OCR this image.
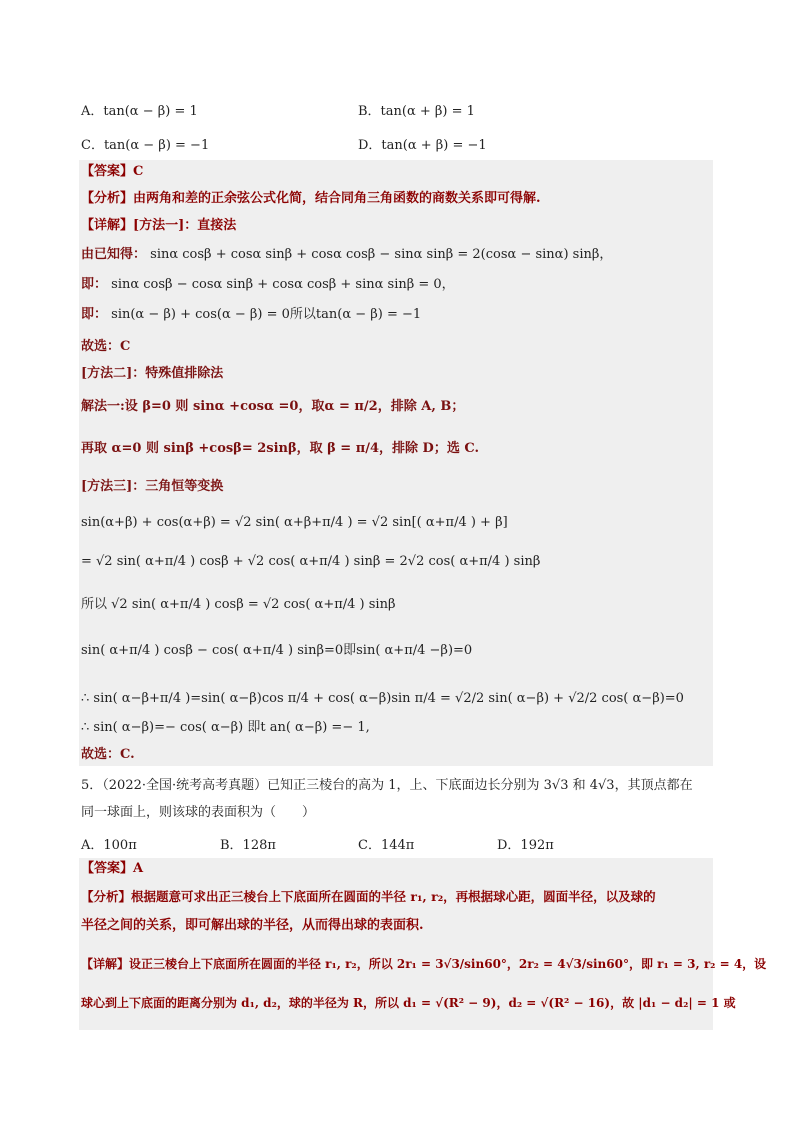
A．tan(α − β) = 1	B．tan(α + β) = 1
C．tan(α − β) = −1	D．tan(α + β) = −1
【答案】C
【分析】由两角和差的正余弦公式化简，结合同角三角函数的商数关系即可得解.
【详解】[方法一]：直接法
由已知得： sinα cosβ + cosα sinβ + cosα cosβ − sinα sinβ = 2(cosα − sinα) sinβ，
即： sinα cosβ − cosα sinβ + cosα cosβ + sinα sinβ = 0，
即： sin(α − β) + cos(α − β) = 0所以tan(α − β) = −1
故选：C
[方法二]：特殊值排除法
解法一:设 β=0 则 sinα +cosα =0，取α = π/2，排除 A, B；
再取 α=0 则 sinβ +cosβ= 2sinβ，取 β = π/4，排除 D；选 C.
[方法三]：三角恒等变换
sin(α+β) + cos(α+β) = √2 sin( α+β+π/4 ) = √2 sin[( α+π/4 ) + β]
= √2 sin( α+π/4 ) cosβ + √2 cos( α+π/4 ) sinβ = 2√2 cos( α+π/4 ) sinβ
所以 √2 sin( α+π/4 ) cosβ = √2 cos( α+π/4 ) sinβ
sin( α+π/4 ) cosβ − cos( α+π/4 ) sinβ=0即sin( α+π/4 −β)=0
∴ sin( α−β+π/4 )=sin( α−β)cos π/4 + cos( α−β)sin π/4 = √2/2 sin( α−β) + √2/2 cos( α−β)=0
∴ sin( α−β)=− cos( α−β) 即t an( α−β) =− 1,
故选：C.
5．（2022·全国·统考高考真题）已知正三棱台的高为 1，上、下底面边长分别为 3√3 和 4√3，其顶点都在
同一球面上，则该球的表面积为（　　）
A．100π	B．128π	C．144π	D．192π
【答案】A
【分析】根据题意可求出正三棱台上下底面所在圆面的半径 r₁, r₂，再根据球心距，圆面半径，以及球的
半径之间的关系，即可解出球的半径，从而得出球的表面积.
【详解】设正三棱台上下底面所在圆面的半径 r₁, r₂，所以 2r₁ = 3√3/sin60°，2r₂ = 4√3/sin60°，即 r₁ = 3, r₂ = 4，设
球心到上下底面的距离分别为 d₁, d₂，球的半径为 R，所以 d₁ = √(R² − 9)，d₂ = √(R² − 16)，故 |d₁ − d₂| = 1 或
